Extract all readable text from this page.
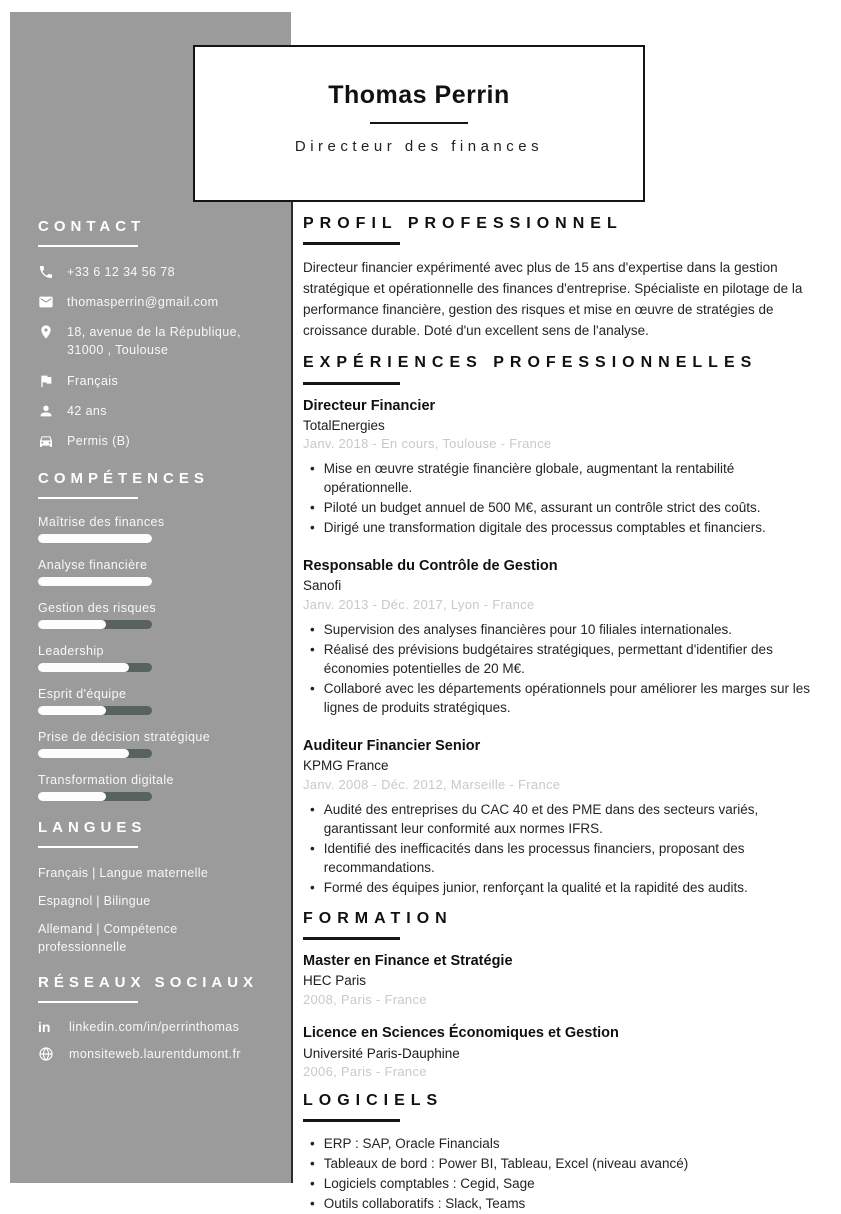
CONTACT
+33 6 12 34 56 78
thomasperrin@gmail.com
18, avenue de la République, 31000 , Toulouse
Français
42 ans
Permis (B)
COMPÉTENCES
Maîtrise des finances
Analyse financière
Gestion des risques
Leadership
Esprit d'équipe
Prise de décision stratégique
Transformation digitale
LANGUES
Français | Langue maternelle
Espagnol | Bilingue
Allemand | Compétence professionnelle
RÉSEAUX SOCIAUX
in linkedin.com/in/perrinthomas
monsiteweb.laurentdumont.fr
Thomas Perrin
Directeur des finances
PROFIL PROFESSIONNEL

Directeur financier expérimenté avec plus de 15 ans d'expertise dans la gestion stratégique et opérationnelle des finances d'entreprise. Spécialiste en pilotage de la performance financière, gestion des risques et mise en œuvre de stratégies de croissance durable. Doté d'un excellent sens de l'analyse.

EXPÉRIENCES PROFESSIONNELLES
Directeur Financier
TotalEnergies
Janv. 2018 - En cours, Toulouse - France
• Mise en œuvre stratégie financière globale, augmentant la rentabilité opérationnelle.
• Piloté un budget annuel de 500 M€, assurant un contrôle strict des coûts.
• Dirigé une transformation digitale des processus comptables et financiers.
Responsable du Contrôle de Gestion
Sanofi
Janv. 2013 - Déc. 2017, Lyon - France
• Supervision des analyses financières pour 10 filiales internationales.
• Réalisé des prévisions budgétaires stratégiques, permettant d'identifier des économies potentielles de 20 M€.
• Collaboré avec les départements opérationnels pour améliorer les marges sur les lignes de produits stratégiques.
Auditeur Financier Senior
KPMG France
Janv. 2008 - Déc. 2012, Marseille - France
• Audité des entreprises du CAC 40 et des PME dans des secteurs variés, garantissant leur conformité aux normes IFRS.
• Identifié des inefficacités dans les processus financiers, proposant des recommandations.
• Formé des équipes junior, renforçant la qualité et la rapidité des audits.
FORMATION
Master en Finance et Stratégie
HEC Paris
2008, Paris - France
Licence en Sciences Économiques et Gestion
Université Paris-Dauphine
2006, Paris - France
LOGICIELS
• ERP : SAP, Oracle Financials
• Tableaux de bord : Power BI, Tableau, Excel (niveau avancé)
• Logiciels comptables : Cegid, Sage
• Outils collaboratifs : Slack, Teams
